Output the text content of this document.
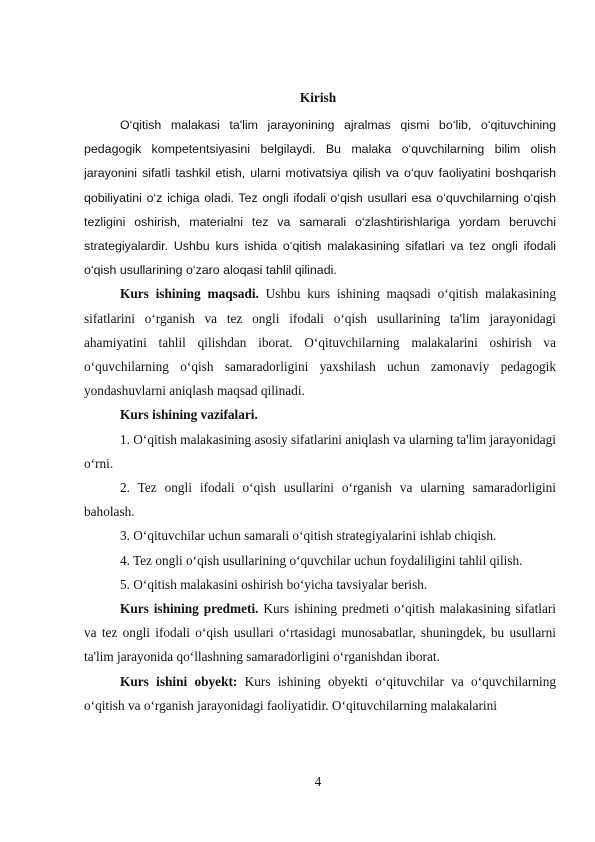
Kirish

O‘qitish malakasi ta'lim jarayonining ajralmas qismi bo‘lib, o‘qituvchining pedagogik kompetentsiyasini belgilaydi. Bu malaka o‘quvchilarning bilim olish jarayonini sifatli tashkil etish, ularni motivatsiya qilish va o‘quv faoliyatini boshqarish qobiliyatini o‘z ichiga oladi. Tez ongli ifodali o‘qish usullari esa o‘quvchilarning o‘qish tezligini oshirish, materialni tez va samarali o‘zlashtirishlariga yordam beruvchi strategiyalardir. Ushbu kurs ishida o‘qitish malakasining sifatlari va tez ongli ifodali o‘qish usullarining o‘zaro aloqasi tahlil qilinadi.

Kurs ishining maqsadi. Ushbu kurs ishining maqsadi o‘qitish malakasining sifatlarini o‘rganish va tez ongli ifodali o‘qish usullarining ta'lim jarayonidagi ahamiyatini tahlil qilishdan iborat. O‘qituvchilarning malakalarini oshirish va o‘quvchilarning o‘qish samaradorligini yaxshilash uchun zamonaviy pedagogik yondashuvlarni aniqlash maqsad qilinadi.

Kurs ishining vazifalari.

1. O‘qitish malakasining asosiy sifatlarini aniqlash va ularning ta'lim jarayonidagi o‘rni.

2. Tez ongli ifodali o‘qish usullarini o‘rganish va ularning samaradorligini baholash.

3. O‘qituvchilar uchun samarali o‘qitish strategiyalarini ishlab chiqish.

4. Tez ongli o‘qish usullarining o‘quvchilar uchun foydaliligini tahlil qilish.

5. O‘qitish malakasini oshirish bo‘yicha tavsiyalar berish.

Kurs ishining predmeti. Kurs ishining predmeti o‘qitish malakasining sifatlari va tez ongli ifodali o‘qish usullari o‘rtasidagi munosabatlar, shuningdek, bu usullarni ta'lim jarayonida qo‘llashning samaradorligini o‘rganishdan iborat.

Kurs ishini obyekt: Kurs ishining obyekti o‘qituvchilar va o‘quvchilarning o‘qitish va o‘rganish jarayonidagi faoliyatidir. O‘qituvchilarning malakalarini

4
